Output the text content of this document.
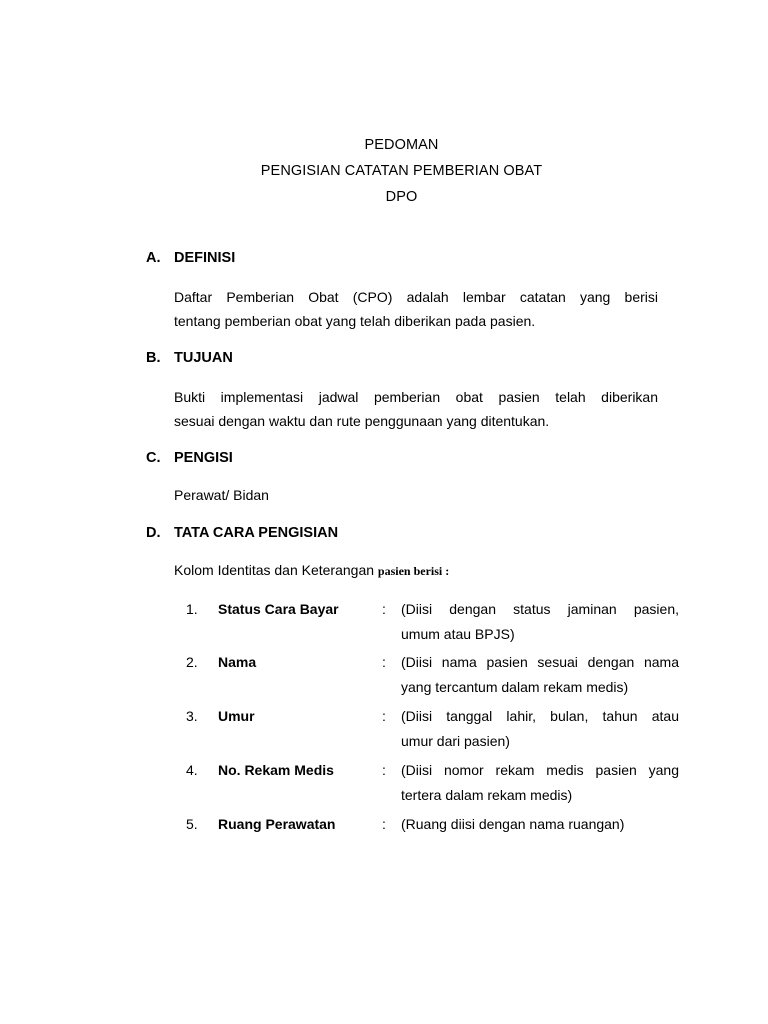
PEDOMAN
PENGISIAN CATATAN PEMBERIAN OBAT
DPO
A. DEFINISI
Daftar Pemberian Obat (CPO) adalah lembar catatan yang berisi
tentang pemberian obat yang telah diberikan pada pasien.
B. TUJUAN
Bukti implementasi jadwal pemberian obat pasien telah diberikan
sesuai dengan waktu dan rute penggunaan yang ditentukan.
C. PENGISI
Perawat/ Bidan
D. TATA CARA PENGISIAN
Kolom Identitas dan Keterangan pasien berisi :
1. Status Cara Bayar	: (Diisi dengan status jaminan pasien,
umum atau BPJS)
2. Nama	: (Diisi nama pasien sesuai dengan nama
yang tercantum dalam rekam medis)
3. Umur	: (Diisi tanggal lahir, bulan, tahun atau
umur dari pasien)
4. No. Rekam Medis	: (Diisi nomor rekam medis pasien yang
tertera dalam rekam medis)
5. Ruang Perawatan	: (Ruang diisi dengan nama ruangan)
